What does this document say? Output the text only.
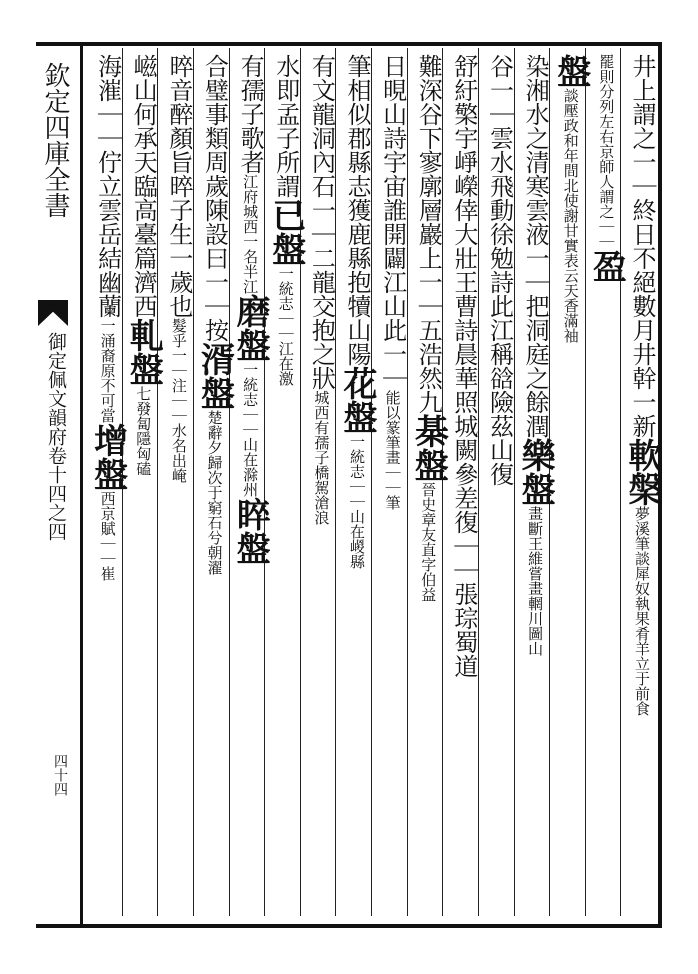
欽定四庫全書
御定佩文韻府卷十四之四
四十四
井上謂之一｜終日不絕數月井幹一新軟槃夢溪筆談犀奴執果肴羊立于前食
罷則分列左右京師人謂之｜｜盈
盤談壓政和年間北使謝甘實表云天香滿袖
染湘水之清寒雲液一｜把洞庭之餘潤樂盤畫斷王維嘗畫輞川圖山
谷一｜雲水飛動徐勉詩此江稱谽險茲山復
舒紆檠宇崢嶸倖大壯王曹詩晨華照城闕參差復｜｜張琮蜀道
難深谷下寥廓層巖上一｜五浩然九棊盤晉史章友直字伯益
日晛山詩宇宙誰開闢江山此一｜能以篆筆畫｜｜筆
筆相似郡縣志獲鹿縣抱犢山陽花盤一統志｜｜山在嵕縣
有文龍洞內石一｜二龍交抱之狀城西有孺子橋駕滄浪
水即孟子所謂已盤一統志｜｜江在激
有孺子歌者江府城西一名半江磨盤一統志｜｜山在滁州睟盤
合璧事類周歲陳設曰一｜按湑盤楚辭夕歸次于窮石兮朝濯
晬音醉顏旨晬子生一歲也髮乎一｜注｜｜水名出崦
嵫山何承天臨高臺篇濟西軋盤七發匐隱匈磕
海漼｜｜佇立雲岳結幽蘭一涌裔原不可當增盤西京賦｜｜崔
